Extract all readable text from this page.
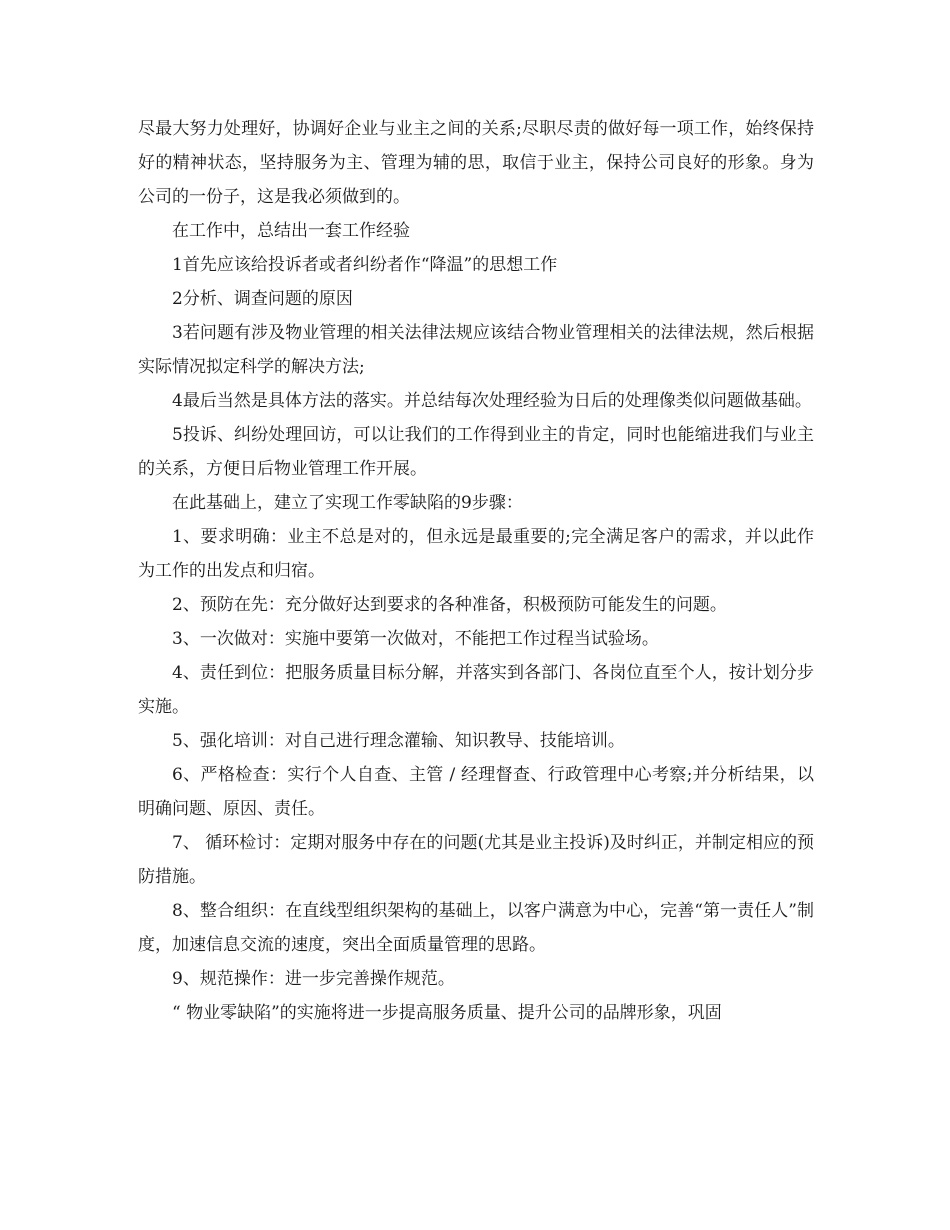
尽最大努力处理好，协调好企业与业主之间的关系;尽职尽责的做好每一项工作，始终保持好的精神状态，坚持服务为主、管理为辅的思，取信于业主，保持公司良好的形象。身为公司的一份子，这是我必须做到的。

在工作中，总结出一套工作经验

1首先应该给投诉者或者纠纷者作“降温”的思想工作

2分析、调查问题的原因

3若问题有涉及物业管理的相关法律法规应该结合物业管理相关的法律法规，然后根据实际情况拟定科学的解决方法;

4最后当然是具体方法的落实。并总结每次处理经验为日后的处理像类似问题做基础。

5投诉、纠纷处理回访，可以让我们的工作得到业主的肯定，同时也能缩进我们与业主的关系，方便日后物业管理工作开展。

在此基础上，建立了实现工作零缺陷的9步骤：

1、要求明确：业主不总是对的，但永远是最重要的;完全满足客户的需求，并以此作为工作的出发点和归宿。

2、预防在先：充分做好达到要求的各种准备，积极预防可能发生的问题。

3、一次做对：实施中要第一次做对，不能把工作过程当试验场。

4、责任到位：把服务质量目标分解，并落实到各部门、各岗位直至个人，按计划分步实施。

5、强化培训：对自己进行理念灌输、知识教导、技能培训。

6、严格检查：实行个人自查、主管 / 经理督查、行政管理中心考察;并分析结果，以明确问题、原因、责任。

7、 循环检讨：定期对服务中存在的问题(尤其是业主投诉)及时纠正，并制定相应的预防措施。

8、整合组织：在直线型组织架构的基础上，以客户满意为中心，完善“第一责任人”制度，加速信息交流的速度，突出全面质量管理的思路。

9、规范操作：进一步完善操作规范。

“ 物业零缺陷”的实施将进一步提高服务质量、提升公司的品牌形象，巩固
